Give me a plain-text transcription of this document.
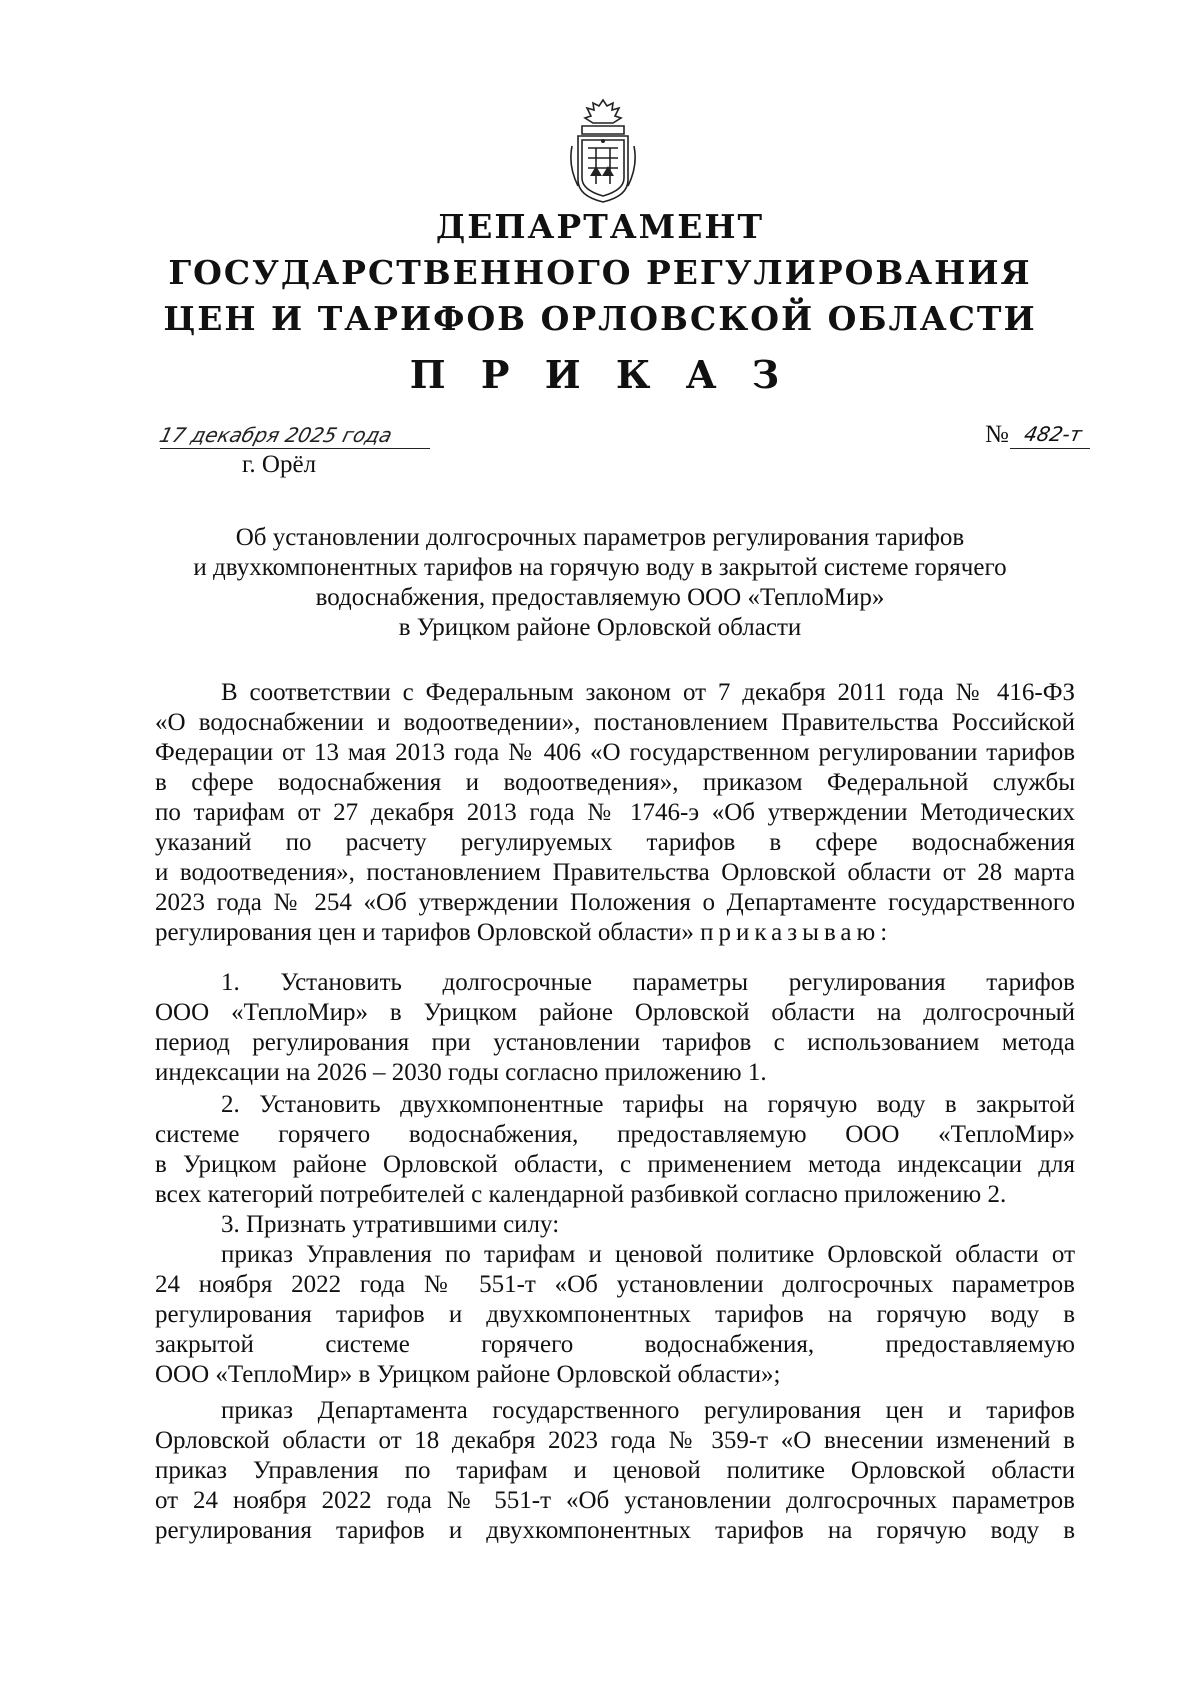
ДЕПАРТАМЕНТ
ГОСУДАРСТВЕННОГО РЕГУЛИРОВАНИЯ
ЦЕН И ТАРИФОВ ОРЛОВСКОЙ ОБЛАСТИ
П Р И К А З
17 декабря 2025 года
г. Орёл
№ 482-т
Об установлении долгосрочных параметров регулирования тарифов
и двухкомпонентных тарифов на горячую воду в закрытой системе горячего
водоснабжения, предоставляемую ООО «ТеплоМир»
в Урицком районе Орловской области

В соответствии с Федеральным законом от 7 декабря 2011 года № 416-ФЗ
«О водоснабжении и водоотведении», постановлением Правительства Российской
Федерации от 13 мая 2013 года № 406 «О государственном регулировании тарифов
в сфере водоснабжения и водоотведения», приказом Федеральной службы
по тарифам от 27 декабря 2013 года № 1746-э «Об утверждении Методических
указаний по расчету регулируемых тарифов в сфере водоснабжения
и водоотведения», постановлением Правительства Орловской области от 28 марта
2023 года № 254 «Об утверждении Положения о Департаменте государственного
регулирования цен и тарифов Орловской области» приказываю:

1. Установить долгосрочные параметры регулирования тарифов
ООО «ТеплоМир» в Урицком районе Орловской области на долгосрочный
период регулирования при установлении тарифов с использованием метода
индексации на 2026 – 2030 годы согласно приложению 1.

2. Установить двухкомпонентные тарифы на горячую воду в закрытой
системе горячего водоснабжения, предоставляемую ООО «ТеплоМир»
в Урицком районе Орловской области, с применением метода индексации для
всех категорий потребителей с календарной разбивкой согласно приложению 2.

3. Признать утратившими силу:

приказ Управления по тарифам и ценовой политике Орловской области от
24 ноября 2022 года № 551-т «Об установлении долгосрочных параметров
регулирования тарифов и двухкомпонентных тарифов на горячую воду в
закрытой системе горячего водоснабжения, предоставляемую
ООО «ТеплоМир» в Урицком районе Орловской области»;

приказ Департамента государственного регулирования цен и тарифов
Орловской области от 18 декабря 2023 года № 359-т «О внесении изменений в
приказ Управления по тарифам и ценовой политике Орловской области
от 24 ноября 2022 года № 551-т «Об установлении долгосрочных параметров
регулирования тарифов и двухкомпонентных тарифов на горячую воду в
